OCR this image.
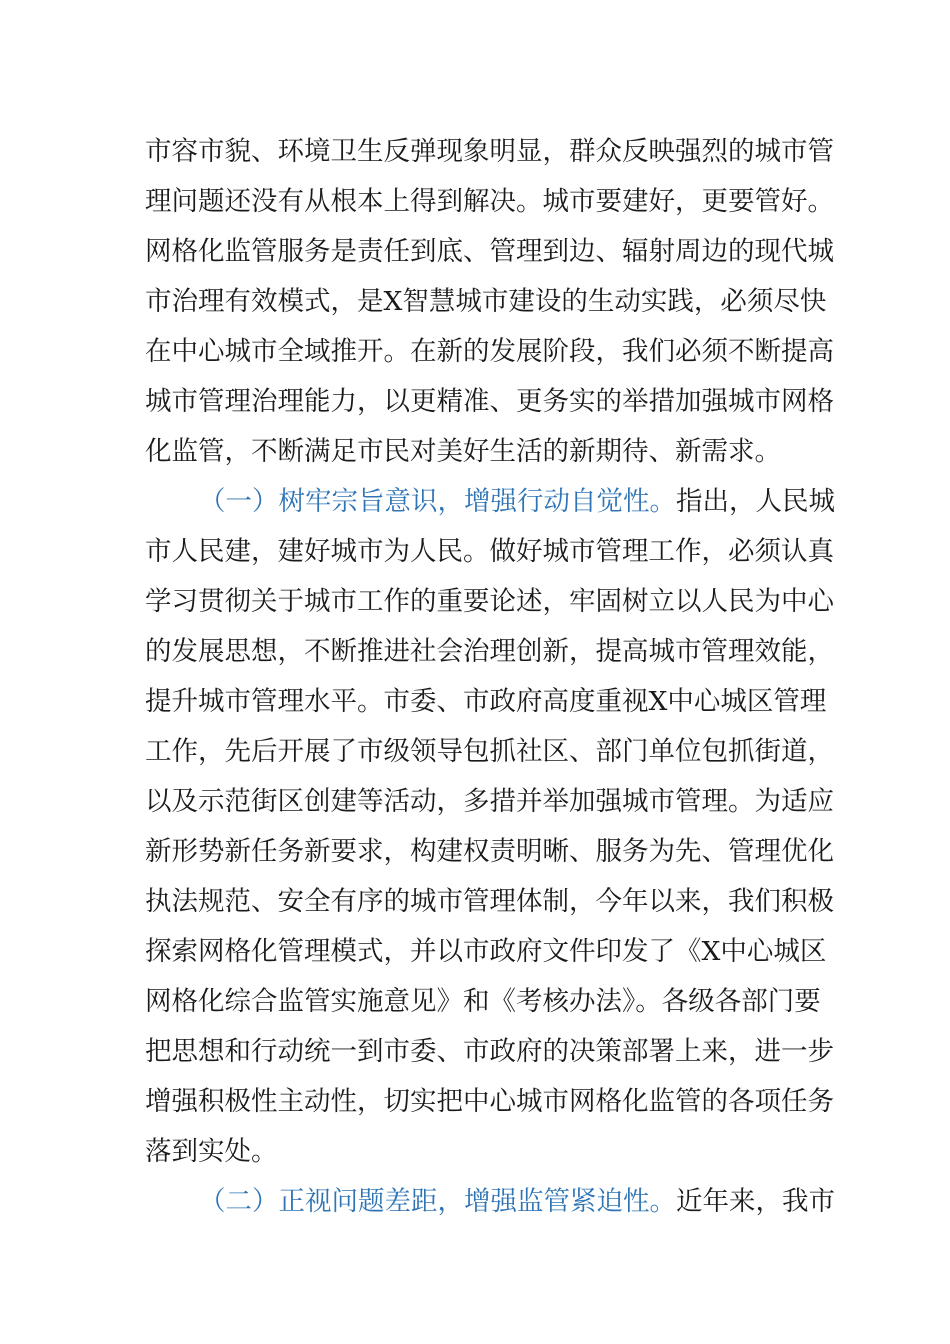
市容市貌、环境卫生反弹现象明显，群众反映强烈的城市管
理问题还没有从根本上得到解决。城市要建好，更要管好。
网格化监管服务是责任到底、管理到边、辐射周边的现代城
市治理有效模式，是X智慧城市建设的生动实践，必须尽快
在中心城市全域推开。在新的发展阶段，我们必须不断提高
城市管理治理能力，以更精准、更务实的举措加强城市网格
化监管，不断满足市民对美好生活的新期待、新需求。
（一）树牢宗旨意识，增强行动自觉性。指出，人民城
市人民建，建好城市为人民。做好城市管理工作，必须认真
学习贯彻关于城市工作的重要论述，牢固树立以人民为中心
的发展思想，不断推进社会治理创新，提高城市管理效能，
提升城市管理水平。市委、市政府高度重视X中心城区管理
工作，先后开展了市级领导包抓社区、部门单位包抓街道，
以及示范街区创建等活动，多措并举加强城市管理。为适应
新形势新任务新要求，构建权责明晰、服务为先、管理优化
执法规范、安全有序的城市管理体制，今年以来，我们积极
探索网格化管理模式，并以市政府文件印发了《X中心城区
网格化综合监管实施意见》和《考核办法》。各级各部门要
把思想和行动统一到市委、市政府的决策部署上来，进一步
增强积极性主动性，切实把中心城市网格化监管的各项任务
落到实处。
（二）正视问题差距，增强监管紧迫性。近年来，我市
